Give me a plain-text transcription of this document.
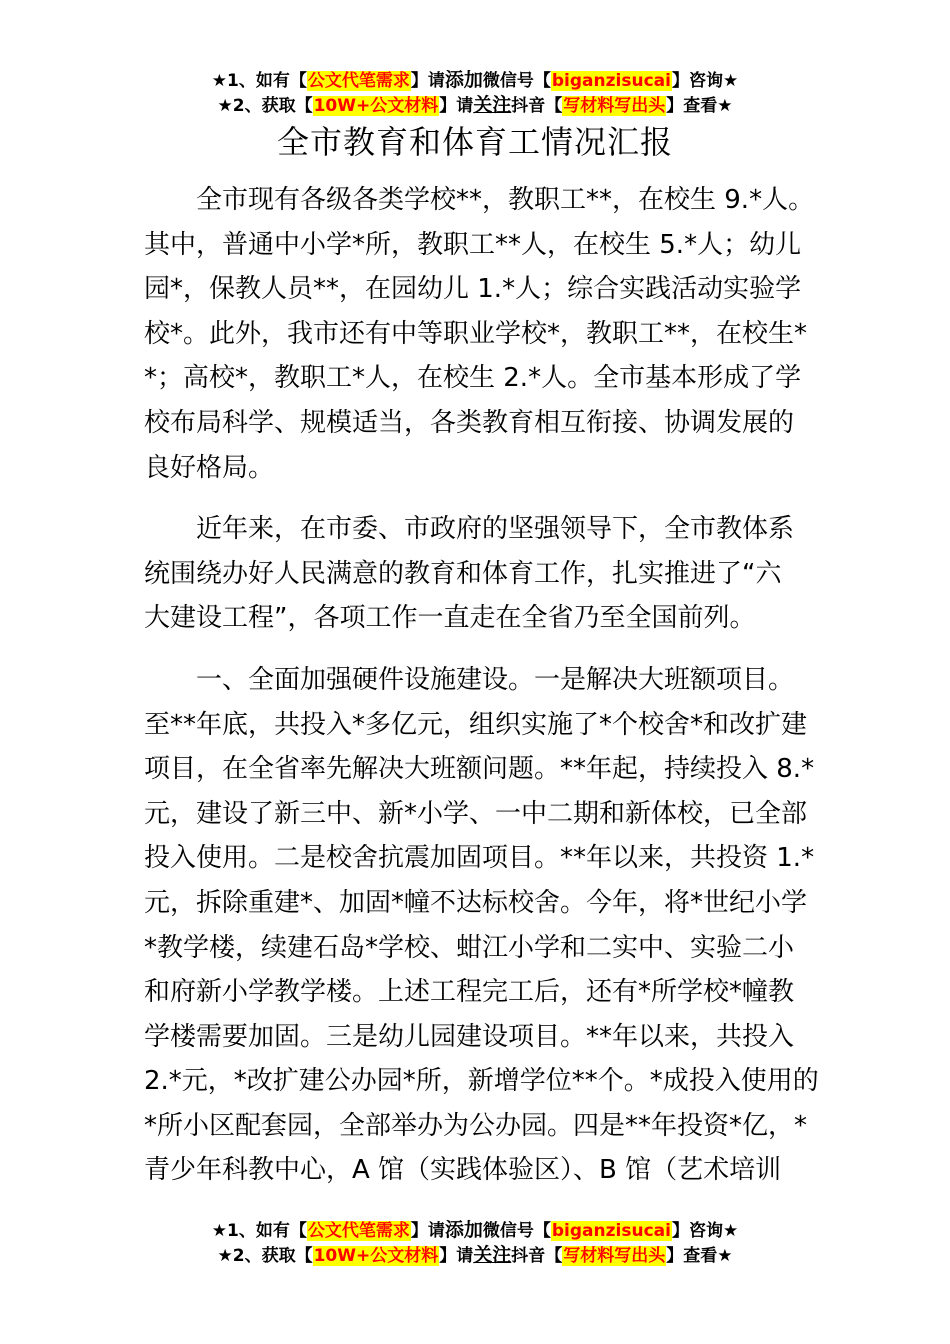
★1、如有【公文代笔需求】请添加微信号【biganzisucai】咨询★
★2、获取【10W+公文材料】请关注抖音【写材料写出头】查看★
全市教育和体育工情况汇报
全市现有各级各类学校**，教职工**，在校生 9.*人。
其中，普通中小学*所，教职工**人，在校生 5.*人；幼儿
园*，保教人员**，在园幼儿 1.*人；综合实践活动实验学
校*。此外，我市还有中等职业学校*，教职工**，在校生*
*；高校*，教职工*人，在校生 2.*人。全市基本形成了学
校布局科学、规模适当，各类教育相互衔接、协调发展的
良好格局。
近年来，在市委、市政府的坚强领导下，全市教体系
统围绕办好人民满意的教育和体育工作，扎实推进了“六
大建设工程”，各项工作一直走在全省乃至全国前列。
一、全面加强硬件设施建设。一是解决大班额项目。
至**年底，共投入*多亿元，组织实施了*个校舍*和改扩建
项目，在全省率先解决大班额问题。**年起，持续投入 8.*
元，建设了新三中、新*小学、一中二期和新体校，已全部
投入使用。二是校舍抗震加固项目。**年以来，共投资 1.*
元，拆除重建*、加固*幢不达标校舍。今年，将*世纪小学
*教学楼，续建石岛*学校、蚶江小学和二实中、实验二小
和府新小学教学楼。上述工程完工后，还有*所学校*幢教
学楼需要加固。三是幼儿园建设项目。**年以来，共投入
2.*元，*改扩建公办园*所，新增学位**个。*成投入使用的
*所小区配套园，全部举办为公办园。四是**年投资*亿，*
青少年科教中心，A 馆（实践体验区）、B 馆（艺术培训
★1、如有【公文代笔需求】请添加微信号【biganzisucai】咨询★
★2、获取【10W+公文材料】请关注抖音【写材料写出头】查看★
